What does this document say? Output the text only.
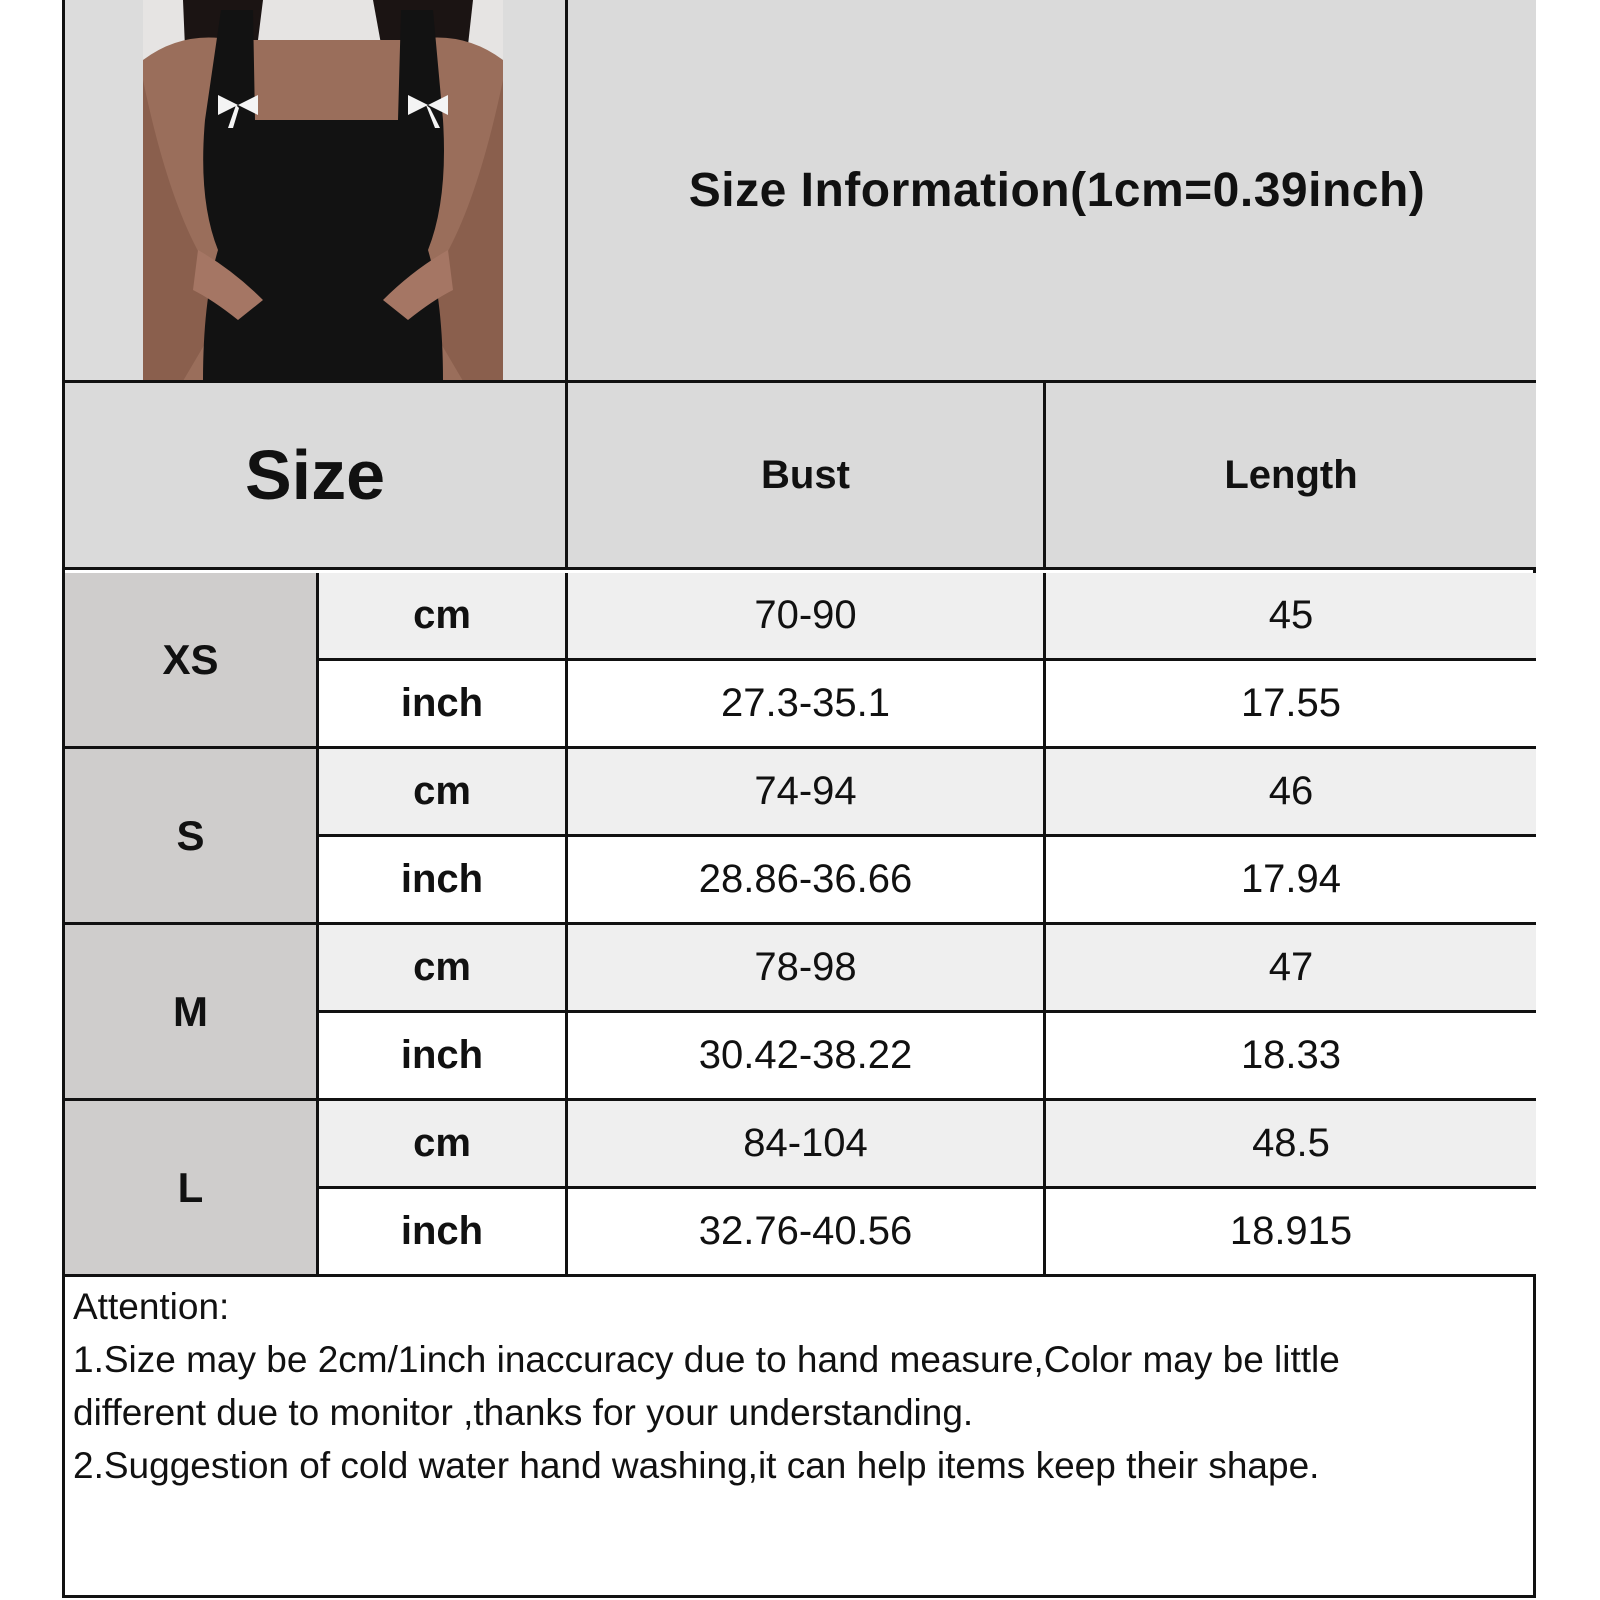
Size Information(1cm=0.39inch)
Size	Bust	Length
XS
cm	70-90	45
inch	27.3-35.1	17.55
S
cm	74-94	46
inch	28.86-36.66	17.94
M
cm	78-98	47
inch	30.42-38.22	18.33
L
cm	84-104	48.5
inch	32.76-40.56	18.915
Attention:
1.Size may be 2cm/1inch inaccuracy due to hand measure,Color may be little
different due to monitor ,thanks for your understanding.
2.Suggestion of cold water hand washing,it can help items keep their shape.
